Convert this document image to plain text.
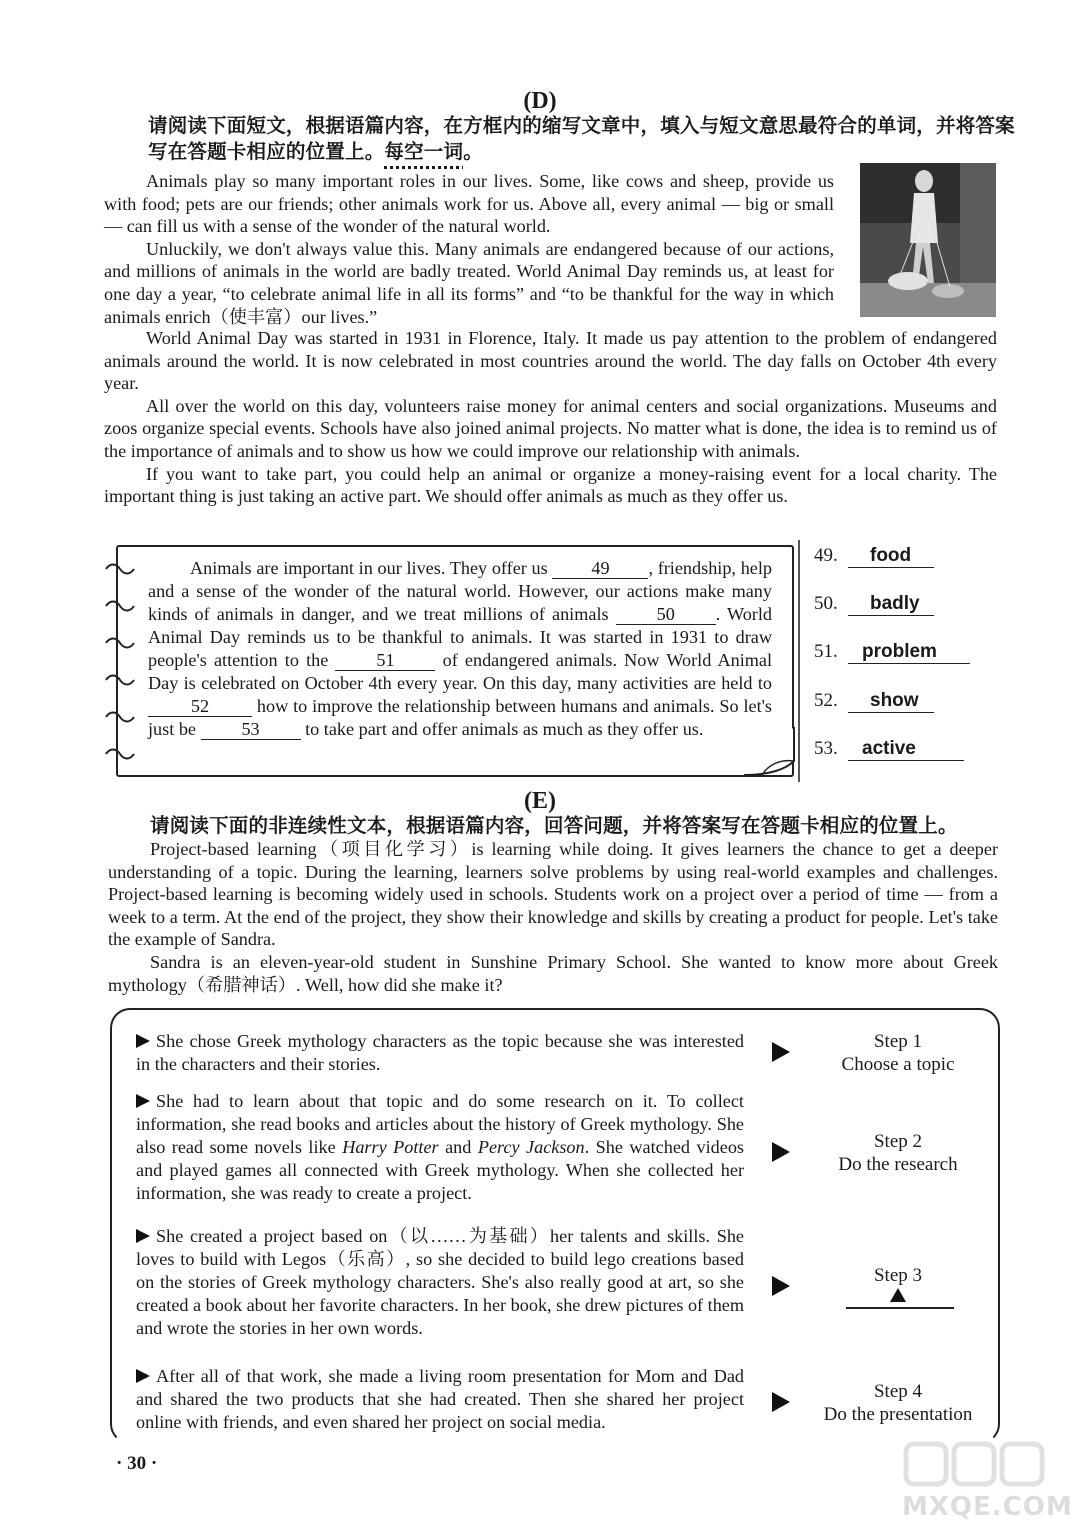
(D)
请阅读下面短文，根据语篇内容，在方框内的缩写文章中，填入与短文意思最符合的单词，并将答案写在答题卡相应的位置上。每空一词。

Animals play so many important roles in our lives. Some, like cows and sheep, provide us with food; pets are our friends; other animals work for us. Above all, every animal — big or small — can fill us with a sense of the wonder of the natural world.

Unluckily, we don't always value this. Many animals are endangered because of our actions, and millions of animals in the world are badly treated. World Animal Day reminds us, at least for one day a year, “to celebrate animal life in all its forms” and “to be thankful for the way in which animals enrich（使丰富）our lives.”

World Animal Day was started in 1931 in Florence, Italy. It made us pay attention to the problem of endangered animals around the world. It is now celebrated in most countries around the world. The day falls on October 4th every year.

All over the world on this day, volunteers raise money for animal centers and social organizations. Museums and zoos organize special events. Schools have also joined animal projects. No matter what is done, the idea is to remind us of the importance of animals and to show us how we could improve our relationship with animals.

If you want to take part, you could help an animal or organize a money-raising event for a local charity. The important thing is just taking an active part. We should offer animals as much as they offer us.

Animals are important in our lives. They offer us 49 , friendship, help and a sense of the wonder of the natural world. However, our actions make many kinds of animals in danger, and we treat millions of animals	50 . World Animal Day reminds us to be thankful to animals. It was started in 1931 to draw people's attention to the	51	of endangered animals. Now World Animal Day is celebrated on October 4th every year. On this day, many activities are held to 52	how to improve the relationship between humans and animals. So let's just be 53 to take part and offer animals as much as they offer us.
49. food
50. badly
51. problem
52. show
53. active
(E)
请阅读下面的非连续性文本，根据语篇内容，回答问题，并将答案写在答题卡相应的位置上。

Project-based learning（项目化学习）is learning while doing. It gives learners the chance to get a deeper understanding of a topic. During the learning, learners solve problems by using real-world examples and challenges. Project-based learning is becoming widely used in schools. Students work on a project over a period of time — from a week to a term. At the end of the project, they show their knowledge and skills by creating a product for people. Let's take the example of Sandra.

Sandra is an eleven-year-old student in Sunshine Primary School. She wanted to know more about Greek mythology（希腊神话）. Well, how did she make it?

She chose Greek mythology characters as the topic because she was interested in the characters and their stories.
Step 1
Choose a topic
She had to learn about that topic and do some research on it. To collect information, she read books and articles about the history of Greek mythology. She also read some novels like Harry Potter and Percy Jackson. She watched videos and played games all connected with Greek mythology. When she collected her information, she was ready to create a project.
Step 2
Do the research
She created a project based on（以……为基础）her talents and skills. She loves to build with Legos（乐高）, so she decided to build lego creations based on the stories of Greek mythology characters. She's also really good at art, so she created a book about her favorite characters. In her book, she drew pictures of them and wrote the stories in her own words.
Step 3
After all of that work, she made a living room presentation for Mom and Dad and shared the two products that she had created. Then she shared her project online with friends, and even shared her project on social media.
Step 4
Do the presentation
· 30 ·
MXQE.COM
